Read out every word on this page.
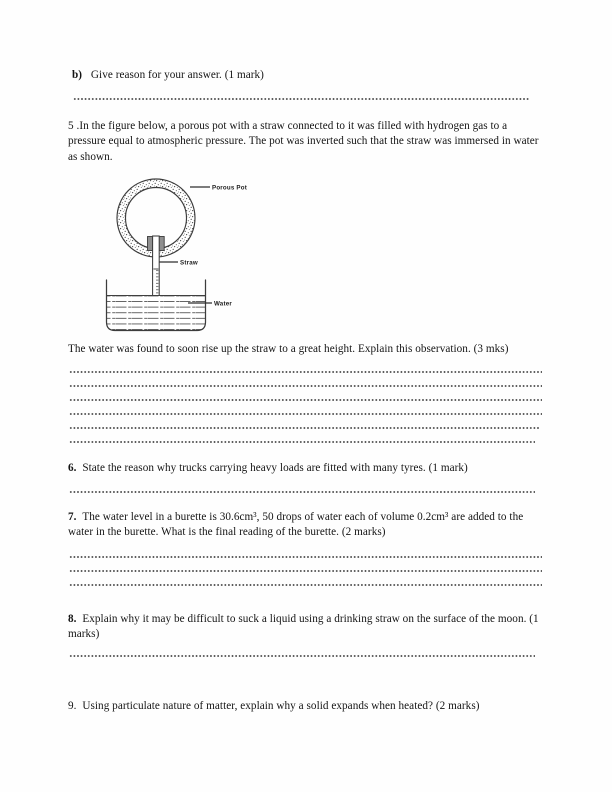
b) Give reason for your answer. (1 mark)
5 .In the figure below, a porous pot with a straw connected to it was filled with hydrogen gas to a pressure equal to atmospheric pressure. The pot was inverted such that the straw was immersed in water as shown.
Porous Pot
Straw
Water
The water was found to soon rise up the straw to a great height. Explain this observation. (3 mks)
6. State the reason why trucks carrying heavy loads are fitted with many tyres. (1 mark)
7. The water level in a burette is 30.6cm³, 50 drops of water each of volume 0.2cm³ are added to the water in the burette. What is the final reading of the burette. (2 marks)
8. Explain why it may be difficult to suck a liquid using a drinking straw on the surface of the moon. (1 marks)
9. Using particulate nature of matter, explain why a solid expands when heated? (2 marks)
